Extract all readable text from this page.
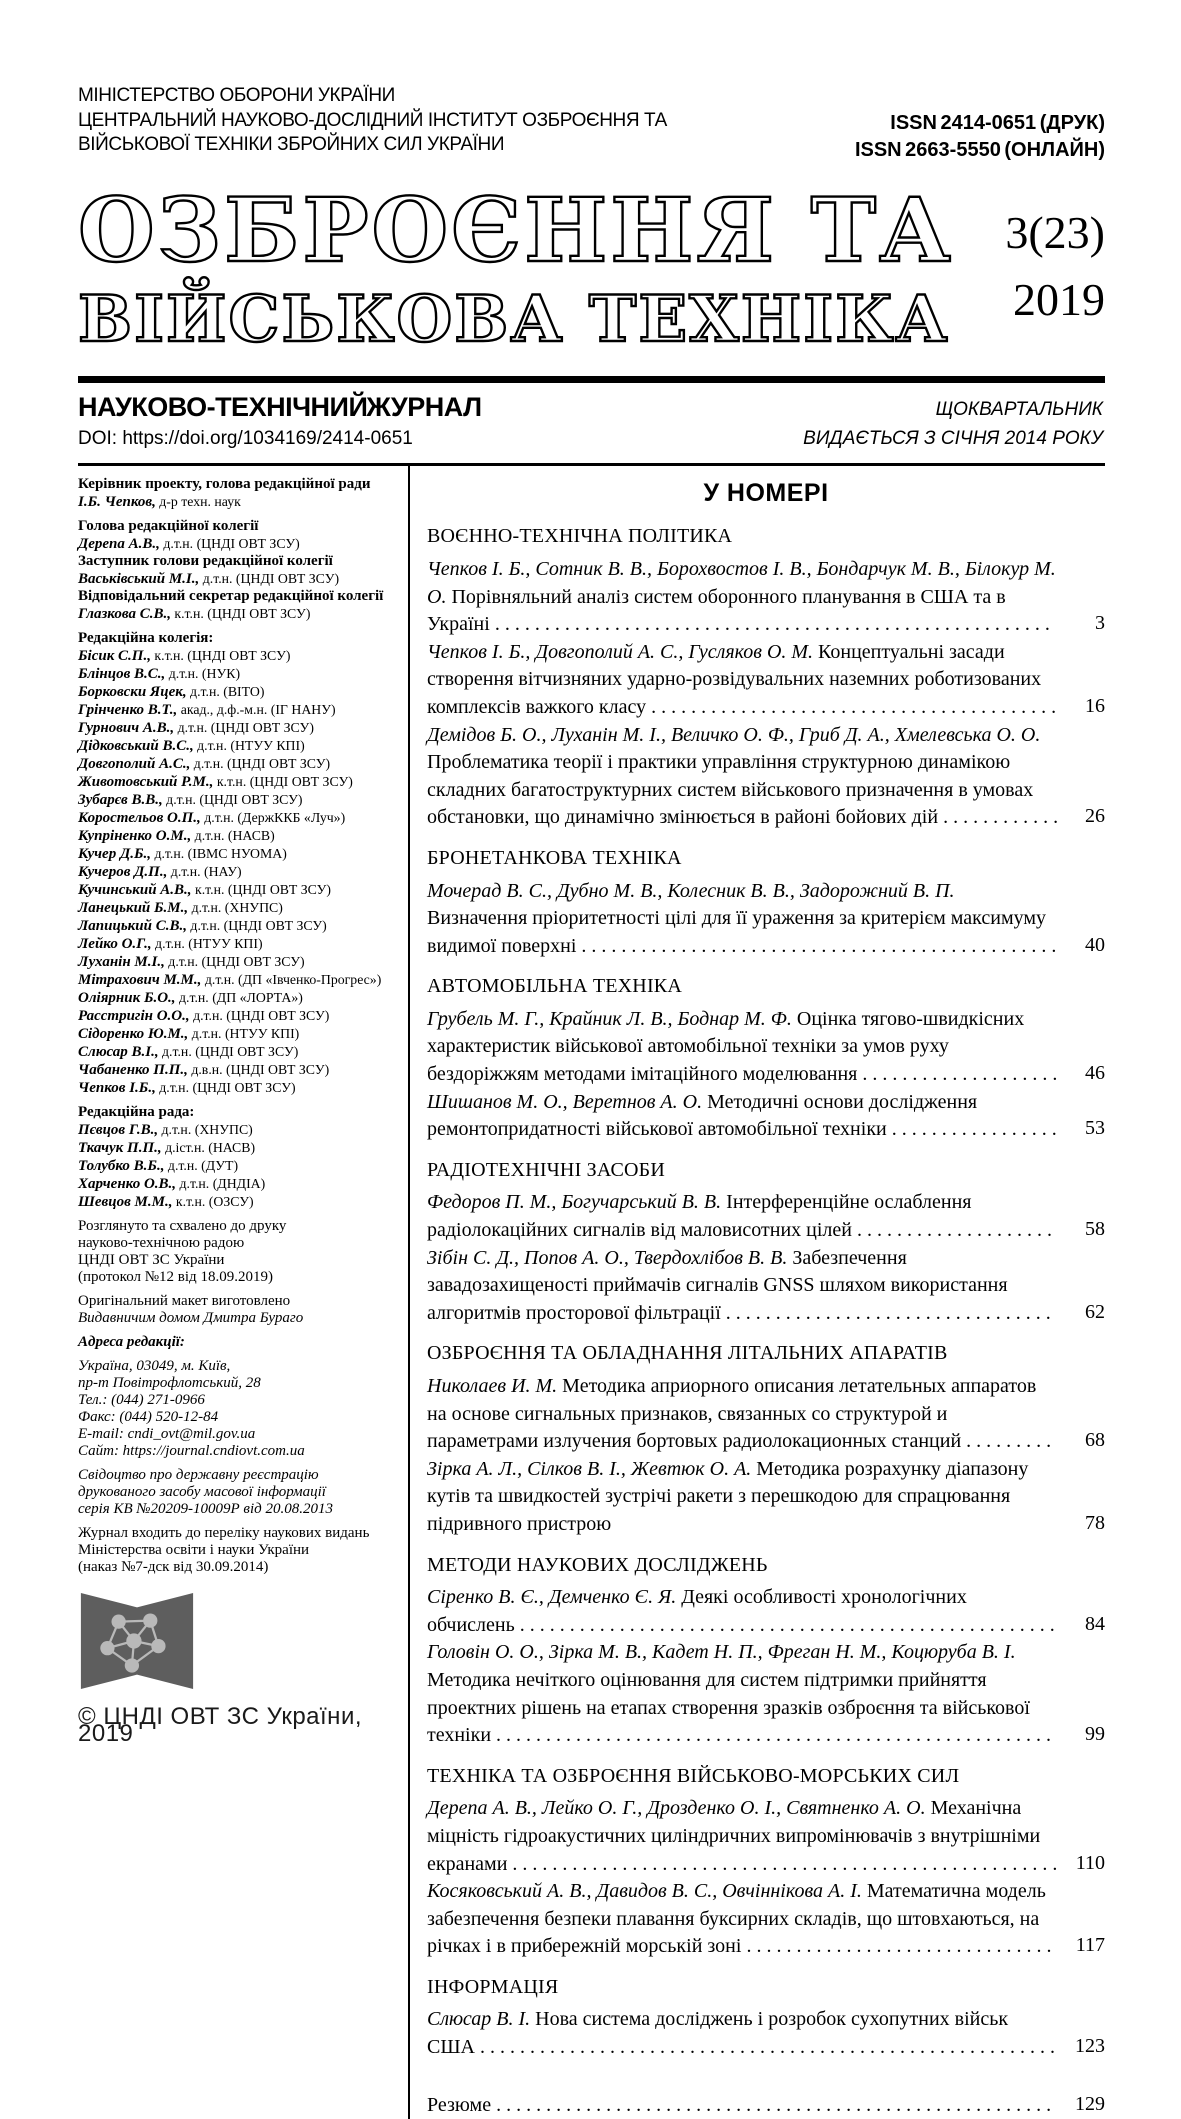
МІНІСТЕРСТВО ОБОРОНИ УКРАЇНИ
ЦЕНТРАЛЬНИЙ НАУКОВО-ДОСЛІДНИЙ ІНСТИТУТ ОЗБРОЄННЯ ТА
ВІЙСЬКОВОЇ ТЕХНІКИ ЗБРОЙНИХ СИЛ УКРАЇНИ
ISSN 2414-0651 (ДРУК)
ISSN 2663-5550 (ОНЛАЙН)
ОЗБРОЄННЯ ТА
ВІЙСЬКОВА ТЕХНІКА
3(23)
2019
НАУКОВО-ТЕХНІЧНИЙ ЖУРНАЛ
DOI: https://doi.org/1034169/2414-0651
ЩОКВАРТАЛЬНИК
ВИДАЄТЬСЯ З СІЧНЯ 2014 РОКУ
Керівник проекту, голова редакційної ради
І.Б. Чепков, д-р техн. наук
Голова редакційної колегії
Дерепа А.В., д.т.н. (ЦНДІ ОВТ ЗСУ)
Заступник голови редакційної колегії
Васьківський М.І., д.т.н. (ЦНДІ ОВТ ЗСУ)
Відповідальний секретар редакційної колегії
Глазкова С.В., к.т.н. (ЦНДІ ОВТ ЗСУ)
Редакційна колегія:
Бісик С.П., к.т.н. (ЦНДІ ОВТ ЗСУ)
Блінцов В.С., д.т.н. (НУК)
Борковски Яцек, д.т.н. (ВІТО)
Грінченко В.Т., акад., д.ф.-м.н. (ІГ НАНУ)
Гурнович А.В., д.т.н. (ЦНДІ ОВТ ЗСУ)
Дідковський В.С., д.т.н. (НТУУ КПІ)
Довгополий А.С., д.т.н. (ЦНДІ ОВТ ЗСУ)
Животовський Р.М., к.т.н. (ЦНДІ ОВТ ЗСУ)
Зубарєв В.В., д.т.н. (ЦНДІ ОВТ ЗСУ)
Коростельов О.П., д.т.н. (ДержККБ «Луч»)
Купріненко О.М., д.т.н. (НАСВ)
Кучер Д.Б., д.т.н. (ІВМС НУОМА)
Кучеров Д.П., д.т.н. (НАУ)
Кучинський А.В., к.т.н. (ЦНДІ ОВТ ЗСУ)
Ланецький Б.М., д.т.н. (ХНУПС)
Лапицький С.В., д.т.н. (ЦНДІ ОВТ ЗСУ)
Лейко О.Г., д.т.н. (НТУУ КПІ)
Луханін М.І., д.т.н. (ЦНДІ ОВТ ЗСУ)
Мітрахович М.М., д.т.н. (ДП «Івченко-Прогрес»)
Оліярник Б.О., д.т.н. (ДП «ЛОРТА»)
Расстригін О.О., д.т.н. (ЦНДІ ОВТ ЗСУ)
Сідоренко Ю.М., д.т.н. (НТУУ КПІ)
Слюсар В.І., д.т.н. (ЦНДІ ОВТ ЗСУ)
Чабаненко П.П., д.в.н. (ЦНДІ ОВТ ЗСУ)
Чепков І.Б., д.т.н. (ЦНДІ ОВТ ЗСУ)
Редакційна рада:
Пєвцов Г.В., д.т.н. (ХНУПС)
Ткачук П.П., д.іст.н. (НАСВ)
Толубко В.Б., д.т.н. (ДУТ)
Харченко О.В., д.т.н. (ДНДІА)
Шевцов М.М., к.т.н. (ОЗСУ)
Розглянуто та схвалено до друку
науково-технічною радою
ЦНДІ ОВТ ЗС України
(протокол №12 від 18.09.2019)
Оригінальний макет виготовлено
Видавничим домом Дмитра Бураго
Адреса редакції:
Україна, 03049, м. Київ,
пр-т Повітрофлотський, 28
Тел.: (044) 271-0966
Факс: (044) 520-12-84
E-mail: cndi_ovt@mil.gov.ua
Сайт: https://journal.cndiovt.com.ua
Свідоцтво про державну реєстрацію
друкованого засобу масової інформації
серія КВ №20209-10009Р від 20.08.2013
Журнал входить до переліку наукових видань
Міністерства освіти і науки України
(наказ №7-дск від 30.09.2014)
© ЦНДІ ОВТ ЗС України, 2019
У НОМЕРІ
ВОЄННО-ТЕХНІЧНА ПОЛІТИКА
Чепков І. Б., Сотник В. В., Борохвостов І. В., Бондарчук М. В., Білокур М. О. Порівняльний аналіз систем оборонного планування в США та в Україні . . . . . . . . . . . . . . . . . . . . . . . . . . . . . . . . . . . . . . . . . . . . . . . . . . . . . . . . 3
Чепков І. Б., Довгополий А. С., Гусляков О. М. Концептуальні засади створення вітчизняних ударно-розвідувальних наземних роботизованих комплексів важкого класу . . . . . . . . . . . . . . . . . . . . . . . . . . . . . . . . . . . . . . . . . 16
Демідов Б. О., Луханін М. І., Величко О. Ф., Гриб Д. А., Хмелевська О. О. Проблематика теорії і практики управління структурною динамікою складних багатоструктурних систем військового призначення в умовах обстановки, що динамічно змінюється в районі бойових дій . . . . . . . . . . . . 26
БРОНЕТАНКОВА ТЕХНІКА
Мочерад В. С., Дубно М. В., Колесник В. В., Задорожний В. П. Визначення пріоритетності цілі для її ураження за критерієм максимуму видимої поверхні . . . . . . . . . . . . . . . . . . . . . . . . . . . . . . . . . . . . . . . . . . . . . . . . 40
АВТОМОБІЛЬНА ТЕХНІКА
Грубель М. Г., Крайник Л. В., Боднар М. Ф. Оцінка тягово-швидкісних характеристик військової автомобільної техніки за умов руху бездоріжжям методами імітаційного моделювання . . . . . . . . . . . . . . . . . . . . 46
Шишанов М. О., Веретнов А. О. Методичні основи дослідження ремонтопридатності військової автомобільної техніки . . . . . . . . . . . . . . . . . 53
РАДІОТЕХНІЧНІ ЗАСОБИ
Федоров П. М., Богучарський В. В. Інтерференційне ослаблення радіолокаційних сигналів від маловисотних цілей . . . . . . . . . . . . . . . . . . . . 58
Зібін С. Д., Попов А. О., Твердохлібов В. В. Забезпечення завадозахищеності приймачів сигналів GNSS шляхом використання алгоритмів просторової фільтрації . . . . . . . . . . . . . . . . . . . . . . . . . . . . . . . . . 62
ОЗБРОЄННЯ ТА ОБЛАДНАННЯ ЛІТАЛЬНИХ АПАРАТІВ
Николаев И. М. Методика априорного описания летательных аппаратов на основе сигнальных признаков, связанных со структурой и параметрами излучения бортовых радиолокационных станций . . . . . . . . . 68
Зірка А. Л., Сілков В. І., Жевтюк О. А. Методика розрахунку діапазону кутів та швидкостей зустрічі ракети з перешкодою для спрацювання підривного пристрою	78
МЕТОДИ НАУКОВИХ ДОСЛІДЖЕНЬ
Сіренко В. Є., Демченко Є. Я. Деякі особливості хронологічних обчислень . . . . . . . . . . . . . . . . . . . . . . . . . . . . . . . . . . . . . . . . . . . . . . . . . . . . . . 84
Головін О. О., Зірка М. В., Кадет Н. П., Фреган Н. М., Коцюруба В. І. Методика нечіткого оцінювання для систем підтримки прийняття проектних рішень на етапах створення зразків озброєння та військової техніки . . . . . . . . . . . . . . . . . . . . . . . . . . . . . . . . . . . . . . . . . . . . . . . . . . . . . . . . 99
ТЕХНІКА ТА ОЗБРОЄННЯ ВІЙСЬКОВО-МОРСЬКИХ СИЛ
Дерепа А. В., Лейко О. Г., Дрозденко О. І., Святненко А. О. Механічна міцність гідроакустичних циліндричних випромінювачів з внутрішніми екранами . . . . . . . . . . . . . . . . . . . . . . . . . . . . . . . . . . . . . . . . . . . . . . . . . . . . . . . 110
Косяковський А. В., Давидов В. С., Овчіннікова А. І. Математична модель забезпечення безпеки плавання буксирних складів, що штовхаються, на річках і в прибережній морській зоні . . . . . . . . . . . . . . . . . . . . . . . . . . . . . . . 117
ІНФОРМАЦІЯ
Слюсар В. І. Нова система досліджень і розробок сухопутних військ США . . . . . . . . . . . . . . . . . . . . . . . . . . . . . . . . . . . . . . . . . . . . . . . . . . . . . . . . . . 123
Резюме . . . . . . . . . . . . . . . . . . . . . . . . . . . . . . . . . . . . . . . . . . . . . . . . . . . . . . . . 129
